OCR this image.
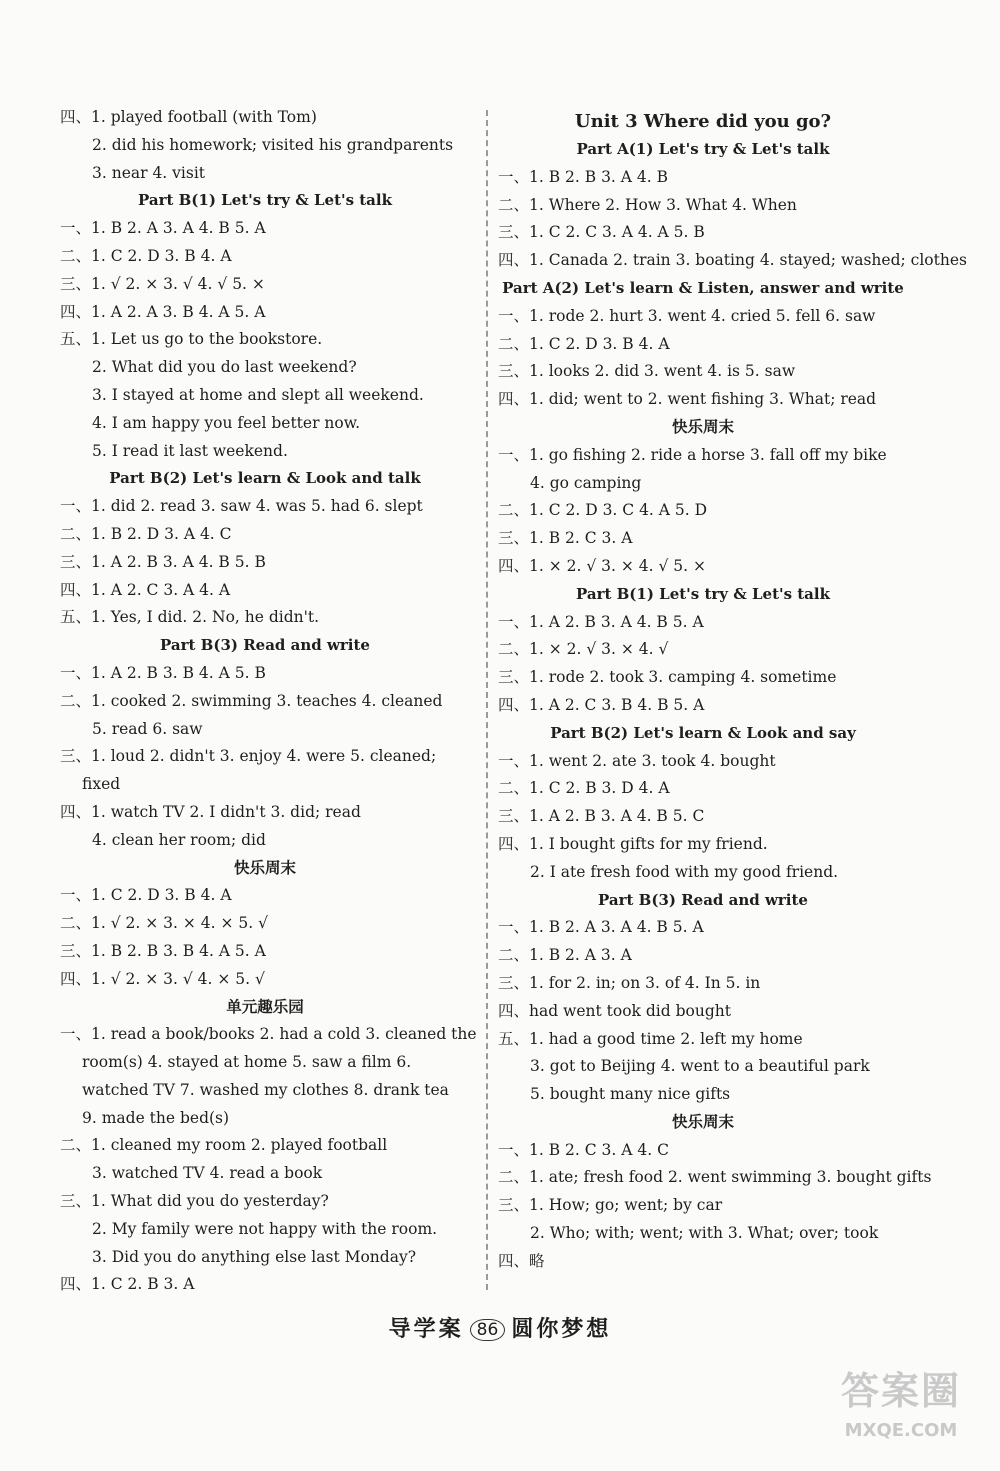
四、1. played football (with Tom)
2. did his homework; visited his grandparents
3. near 4. visit
Part B(1) Let's try & Let's talk
一、1. B 2. A 3. A 4. B 5. A
二、1. C 2. D 3. B 4. A
三、1. √ 2. × 3. √ 4. √ 5. ×
四、1. A 2. A 3. B 4. A 5. A
五、1. Let us go to the bookstore.
2. What did you do last weekend?
3. I stayed at home and slept all weekend.
4. I am happy you feel better now.
5. I read it last weekend.
Part B(2) Let's learn & Look and talk
一、1. did 2. read 3. saw 4. was 5. had 6. slept
二、1. B 2. D 3. A 4. C
三、1. A 2. B 3. A 4. B 5. B
四、1. A 2. C 3. A 4. A
五、1. Yes, I did. 2. No, he didn't.
Part B(3) Read and write
一、1. A 2. B 3. B 4. A 5. B
二、1. cooked 2. swimming 3. teaches 4. cleaned
5. read 6. saw
三、1. loud 2. didn't 3. enjoy 4. were 5. cleaned;
fixed
四、1. watch TV 2. I didn't 3. did; read
4. clean her room; did
快乐周末
一、1. C 2. D 3. B 4. A
二、1. √ 2. × 3. × 4. × 5. √
三、1. B 2. B 3. B 4. A 5. A
四、1. √ 2. × 3. √ 4. × 5. √
单元趣乐园
一、1. read a book/books 2. had a cold 3. cleaned the
room(s) 4. stayed at home 5. saw a film 6.
watched TV 7. washed my clothes 8. drank tea
9. made the bed(s)
二、1. cleaned my room 2. played football
3. watched TV 4. read a book
三、1. What did you do yesterday?
2. My family were not happy with the room.
3. Did you do anything else last Monday?
四、1. C 2. B 3. A
Unit 3 Where did you go?
Part A(1) Let's try & Let's talk
一、1. B 2. B 3. A 4. B
二、1. Where 2. How 3. What 4. When
三、1. C 2. C 3. A 4. A 5. B
四、1. Canada 2. train 3. boating 4. stayed; washed; clothes
Part A(2) Let's learn & Listen, answer and write
一、1. rode 2. hurt 3. went 4. cried 5. fell 6. saw
二、1. C 2. D 3. B 4. A
三、1. looks 2. did 3. went 4. is 5. saw
四、1. did; went to 2. went fishing 3. What; read
快乐周末
一、1. go fishing 2. ride a horse 3. fall off my bike
4. go camping
二、1. C 2. D 3. C 4. A 5. D
三、1. B 2. C 3. A
四、1. × 2. √ 3. × 4. √ 5. ×
Part B(1) Let's try & Let's talk
一、1. A 2. B 3. A 4. B 5. A
二、1. × 2. √ 3. × 4. √
三、1. rode 2. took 3. camping 4. sometime
四、1. A 2. C 3. B 4. B 5. A
Part B(2) Let's learn & Look and say
一、1. went 2. ate 3. took 4. bought
二、1. C 2. B 3. D 4. A
三、1. A 2. B 3. A 4. B 5. C
四、1. I bought gifts for my friend.
2. I ate fresh food with my good friend.
Part B(3) Read and write
一、1. B 2. A 3. A 4. B 5. A
二、1. B 2. A 3. A
三、1. for 2. in; on 3. of 4. In 5. in
四、had went took did bought
五、1. had a good time 2. left my home
3. got to Beijing 4. went to a beautiful park
5. bought many nice gifts
快乐周末
一、1. B 2. C 3. A 4. C
二、1. ate; fresh food 2. went swimming 3. bought gifts
三、1. How; go; went; by car
2. Who; with; went; with 3. What; over; took
四、略
导学案 86 圆你梦想
答案圈
MXQE.COM
